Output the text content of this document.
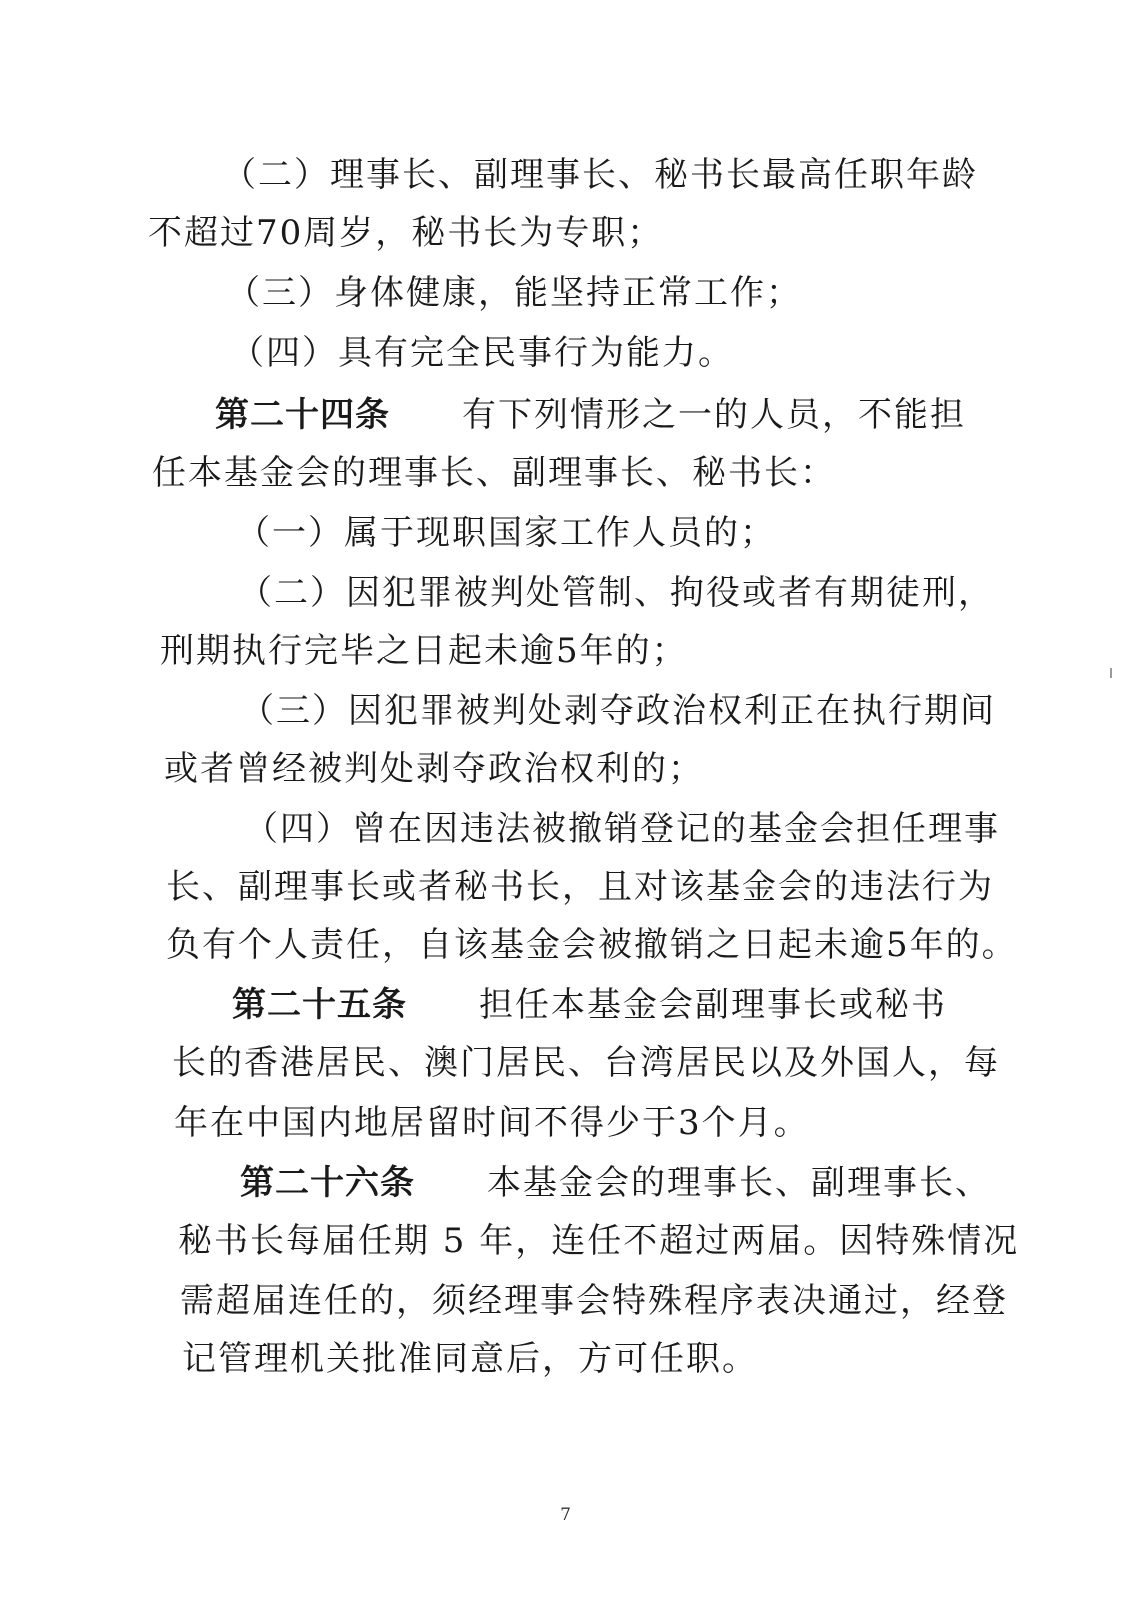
（二）理事长、副理事长、秘书长最高任职年龄
不超过70周岁，秘书长为专职；
（三）身体健康，能坚持正常工作；
（四）具有完全民事行为能力。
第二十四条 有下列情形之一的人员，不能担
任本基金会的理事长、副理事长、秘书长：
（一）属于现职国家工作人员的；
（二）因犯罪被判处管制、拘役或者有期徒刑，
刑期执行完毕之日起未逾5年的；
（三）因犯罪被判处剥夺政治权利正在执行期间
或者曾经被判处剥夺政治权利的；
（四）曾在因违法被撤销登记的基金会担任理事
长、副理事长或者秘书长，且对该基金会的违法行为
负有个人责任，自该基金会被撤销之日起未逾5年的。
第二十五条 担任本基金会副理事长或秘书
长的香港居民、澳门居民、台湾居民以及外国人，每
年在中国内地居留时间不得少于3个月。
第二十六条 本基金会的理事长、副理事长、
秘书长每届任期 5 年，连任不超过两届。因特殊情况
需超届连任的，须经理事会特殊程序表决通过，经登
记管理机关批准同意后，方可任职。
7
